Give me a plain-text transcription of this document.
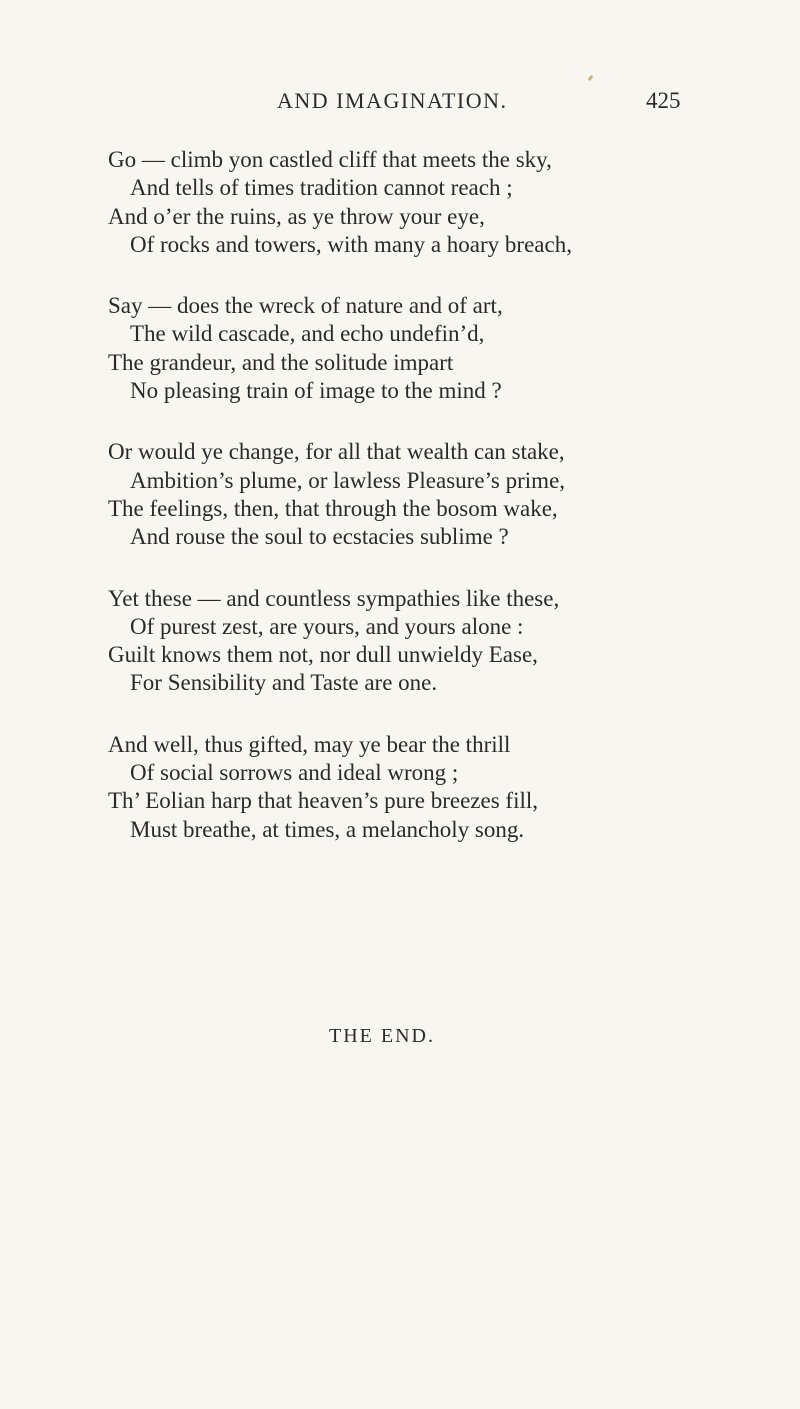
AND IMAGINATION.	425
Go — climb yon castled cliff that meets the sky,
And tells of times tradition cannot reach ;
And o’er the ruins, as ye throw your eye,
Of rocks and towers, with many a hoary breach,
Say — does the wreck of nature and of art,
The wild cascade, and echo undefin’d,
The grandeur, and the solitude impart
No pleasing train of image to the mind ?
Or would ye change, for all that wealth can stake,
Ambition’s plume, or lawless Pleasure’s prime,
The feelings, then, that through the bosom wake,
And rouse the soul to ecstacies sublime ?
Yet these — and countless sympathies like these,
Of purest zest, are yours, and yours alone :
Guilt knows them not, nor dull unwieldy Ease,
For Sensibility and Taste are one.
And well, thus gifted, may ye bear the thrill
Of social sorrows and ideal wrong ;
Th’ Eolian harp that heaven’s pure breezes fill,
Must breathe, at times, a melancholy song.
THE END.
